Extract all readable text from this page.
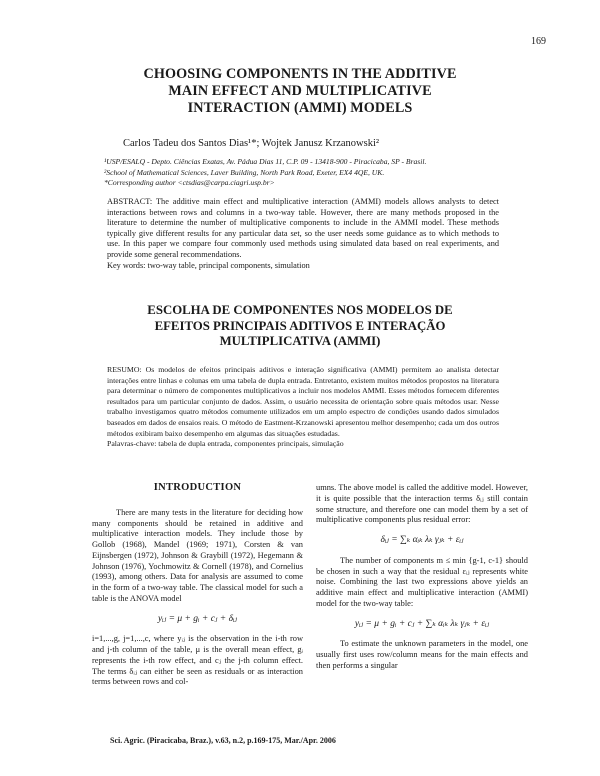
169
CHOOSING COMPONENTS IN THE ADDITIVE
MAIN EFFECT AND MULTIPLICATIVE
INTERACTION (AMMI) MODELS
Carlos Tadeu dos Santos Dias¹*; Wojtek Janusz Krzanowski²
¹USP/ESALQ - Depto. Ciências Exatas, Av. Pádua Dias 11, C.P. 09 - 13418-900 - Piracicaba, SP - Brasil.
²School of Mathematical Sciences, Laver Building, North Park Road, Exeter, EX4 4QE, UK.
*Corresponding author <ctsdias@carpa.ciagri.usp.br>

ABSTRACT: The additive main effect and multiplicative interaction (AMMI) models allows analysts to detect interactions between rows and columns in a two-way table. However, there are many methods proposed in the literature to determine the number of multiplicative components to include in the AMMI model. These methods typically give different results for any particular data set, so the user needs some guidance as to which methods to use. In this paper we compare four commonly used methods using simulated data based on real experiments, and provide some general recommendations.

Key words: two-way table, principal components, simulation

ESCOLHA DE COMPONENTES NOS MODELOS DE
EFEITOS PRINCIPAIS ADITIVOS E INTERAÇÃO
MULTIPLICATIVA (AMMI)

RESUMO: Os modelos de efeitos principais aditivos e interação significativa (AMMI) permitem ao analista detectar interações entre linhas e colunas em uma tabela de dupla entrada. Entretanto, existem muitos métodos propostos na literatura para determinar o número de componentes multiplicativos a incluir nos modelos AMMI. Esses métodos fornecem diferentes resultados para um particular conjunto de dados. Assim, o usuário necessita de orientação sobre quais métodos usar. Nesse trabalho investigamos quatro métodos comumente utilizados em um amplo espectro de condições usando dados simulados baseados em dados de ensaios reais. O método de Eastment-Krzanowski apresentou melhor desempenho; cada um dos outros métodos exibiram baixo desempenho em algumas das situações estudadas.

Palavras-chave: tabela de dupla entrada, componentes principais, simulação

INTRODUCTION

There are many tests in the literature for deciding how many components should be retained in additive and multiplicative interaction models. They include those by Gollob (1968), Mandel (1969; 1971), Corsten & van Eijnsbergen (1972), Johnson & Graybill (1972), Hegemann & Johnson (1976), Yochmowitz & Cornell (1978), and Cornelius (1993), among others. Data for analysis are assumed to come in the form of a two-way table. The classical model for such a table is the ANOVA model

yᵢⱼ = μ + gᵢ + cⱼ + δᵢⱼ

i=1,...,g, j=1,...,c, where yᵢⱼ is the observation in the i-th row and j-th column of the table, μ is the overall mean effect, gᵢ represents the i-th row effect, and cⱼ the j-th column effect. The terms δᵢⱼ can either be seen as residuals or as interaction terms between rows and col-

umns. The above model is called the additive model. However, it is quite possible that the interaction terms δᵢⱼ still contain some structure, and therefore one can model them by a set of multiplicative components plus residual error:

δᵢⱼ = ∑ₖ αᵢₖ λₖ γⱼₖ + εᵢⱼ

The number of components m ≤ min {g-1, c-1} should be chosen in such a way that the residual εᵢⱼ represents white noise. Combining the last two expressions above yields an additive main effect and multiplicative interaction (AMMI) model for the two-way table:

yᵢⱼ = μ + gᵢ + cⱼ + ∑ₖ αᵢₖ λₖ γⱼₖ + εᵢⱼ

To estimate the unknown parameters in the model, one usually first uses row/column means for the main effects and then performs a singular

Sci. Agric. (Piracicaba, Braz.), v.63, n.2, p.169-175, Mar./Apr. 2006
